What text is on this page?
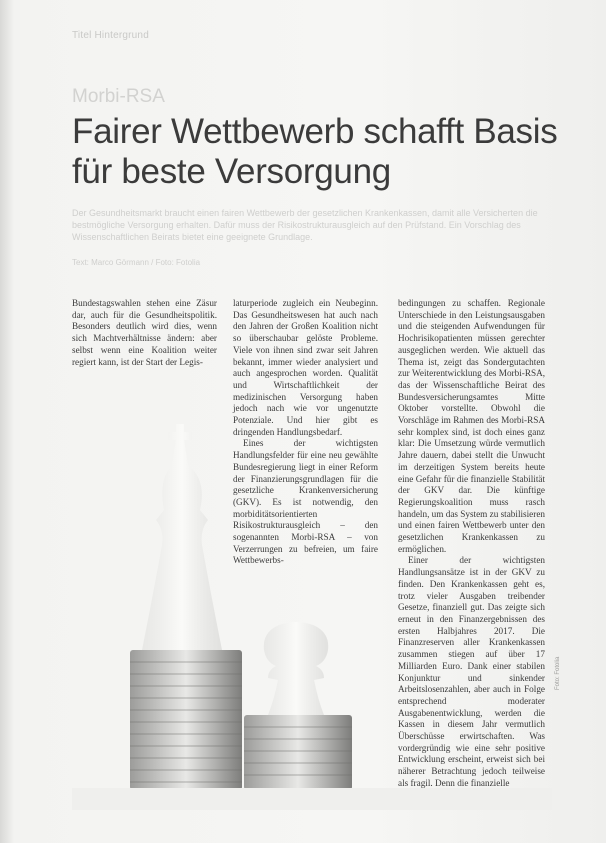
Titel Hintergrund
Morbi-RSA
Fairer Wettbewerb schafft Basis für beste Versorgung
Der Gesundheitsmarkt braucht einen fairen Wettbewerb der gesetzlichen Krankenkassen, damit alle Versicherten die bestmögliche Versorgung erhalten. Dafür muss der Risikostrukturausgleich auf den Prüfstand. Ein Vorschlag des Wissenschaftlichen Beirats bietet eine geeignete Grundlage.
Text: Marco Görmann / Foto: Fotolia

Bundestagswahlen stehen eine Zäsur dar, auch für die Gesundheitspolitik. Besonders deutlich wird dies, wenn sich Machtverhältnisse ändern: aber selbst wenn eine Koalition weiter regiert kann, ist der Start der Legis-

laturperiode zugleich ein Neubeginn. Das Gesundheitswesen hat auch nach den Jahren der Großen Koalition nicht so überschaubar gelöste Probleme. Viele von ihnen sind zwar seit Jahren bekannt, immer wieder analysiert und auch angesprochen worden. Qualität und Wirtschaftlichkeit der medizinischen Versorgung haben jedoch nach wie vor ungenutzte Potenziale. Und hier gibt es dringenden Handlungsbedarf.

Eines der wichtigsten Handlungsfelder für eine neu gewählte Bundesregierung liegt in einer Reform der Finanzierungsgrundlagen für die gesetzliche Krankenversicherung (GKV). Es ist notwendig, den morbiditätsorientierten Risikostrukturausgleich – den sogenannten Morbi-RSA – von Verzerrungen zu befreien, um faire Wettbewerbs-

bedingungen zu schaffen. Regionale Unterschiede in den Leistungsausgaben und die steigenden Aufwendungen für Hochrisikopatienten müssen gerechter ausgeglichen werden. Wie aktuell das Thema ist, zeigt das Sondergutachten zur Weiterentwicklung des Morbi-RSA, das der Wissenschaftliche Beirat des Bundesversicherungsamtes Mitte Oktober vorstellte. Obwohl die Vorschläge im Rahmen des Morbi-RSA sehr komplex sind, ist doch eines ganz klar: Die Umsetzung würde vermutlich Jahre dauern, dabei stellt die Unwucht im derzeitigen System bereits heute eine Gefahr für die finanzielle Stabilität der GKV dar. Die künftige Regierungskoalition muss rasch handeln, um das System zu stabilisieren und einen fairen Wettbewerb unter den gesetzlichen Krankenkassen zu ermöglichen.

Einer der wichtigsten Handlungsansätze ist in der GKV zu finden. Den Krankenkassen geht es, trotz vieler Ausgaben treibender Gesetze, finanziell gut. Das zeigte sich erneut in den Finanzergebnissen des ersten Halbjahres 2017. Die Finanzreserven aller Krankenkassen zusammen stiegen auf über 17 Milliarden Euro. Dank einer stabilen Konjunktur und sinkender Arbeitslosenzahlen, aber auch in Folge entsprechend moderater Ausgabenentwicklung, werden die Kassen in diesem Jahr vermutlich Überschüsse erwirtschaften. Was vordergründig wie eine sehr positive Entwicklung erscheint, erweist sich bei näherer Betrachtung jedoch teilweise als fragil. Denn die finanzielle

Foto: Fotolia
